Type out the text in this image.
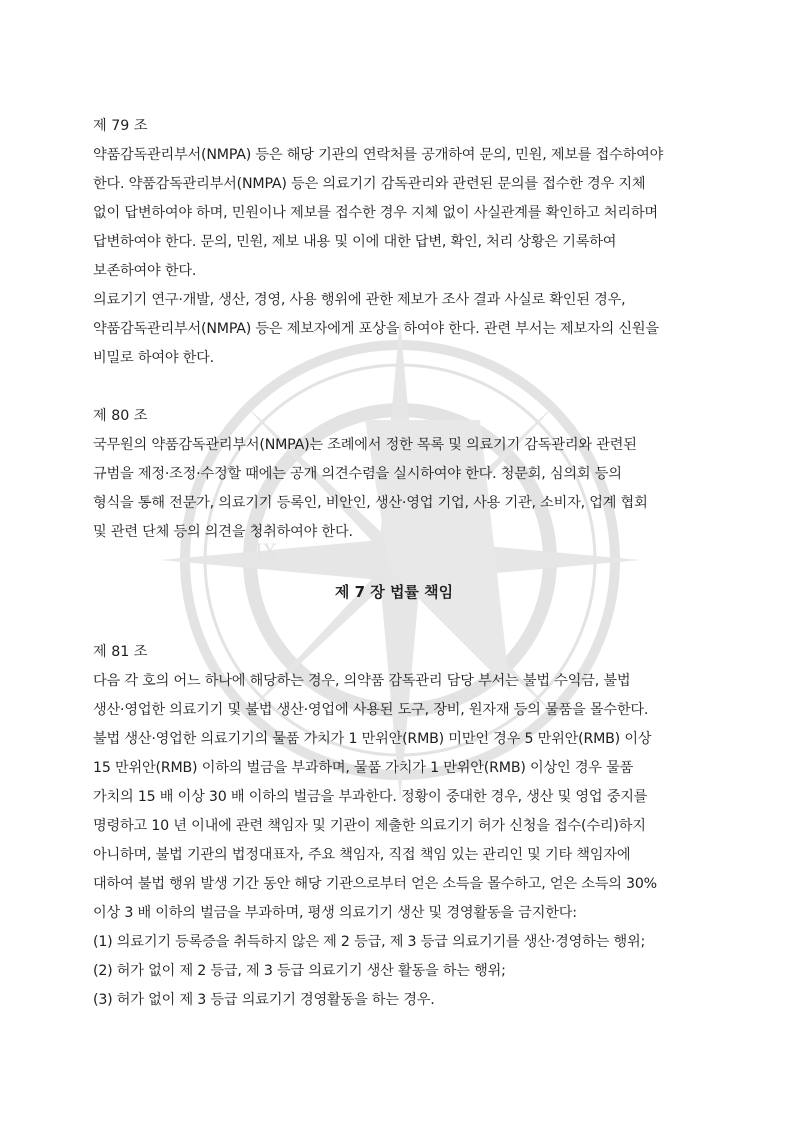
IX
제 79 조
약품감독관리부서(NMPA) 등은 해당 기관의 연락처를 공개하여 문의, 민원, 제보를 접수하여야
한다. 약품감독관리부서(NMPA) 등은 의료기기 감독관리와 관련된 문의를 접수한 경우 지체
없이 답변하여야 하며, 민원이나 제보를 접수한 경우 지체 없이 사실관계를 확인하고 처리하며
답변하여야 한다. 문의, 민원, 제보 내용 및 이에 대한 답변, 확인, 처리 상황은 기록하여
보존하여야 한다.
의료기기 연구·개발, 생산, 경영, 사용 행위에 관한 제보가 조사 결과 사실로 확인된 경우,
약품감독관리부서(NMPA) 등은 제보자에게 포상을 하여야 한다. 관련 부서는 제보자의 신원을
비밀로 하여야 한다.
제 80 조
국무원의 약품감독관리부서(NMPA)는 조례에서 정한 목록 및 의료기기 감독관리와 관련된
규범을 제정·조정·수정할 때에는 공개 의견수렴을 실시하여야 한다. 청문회, 심의회 등의
형식을 통해 전문가, 의료기기 등록인, 비안인, 생산·영업 기업, 사용 기관, 소비자, 업계 협회
및 관련 단체 등의 의견을 청취하여야 한다.
제 7 장 법률 책임
제 81 조
다음 각 호의 어느 하나에 해당하는 경우, 의약품 감독관리 담당 부서는 불법 수익금, 불법
생산·영업한 의료기기 및 불법 생산·영업에 사용된 도구, 장비, 원자재 등의 물품을 몰수한다.
불법 생산·영업한 의료기기의 물품 가치가 1 만위안(RMB) 미만인 경우 5 만위안(RMB) 이상
15 만위안(RMB) 이하의 벌금을 부과하며, 물품 가치가 1 만위안(RMB) 이상인 경우 물품
가치의 15 배 이상 30 배 이하의 벌금을 부과한다. 정황이 중대한 경우, 생산 및 영업 중지를
명령하고 10 년 이내에 관련 책임자 및 기관이 제출한 의료기기 허가 신청을 접수(수리)하지
아니하며, 불법 기관의 법정대표자, 주요 책임자, 직접 책임 있는 관리인 및 기타 책임자에
대하여 불법 행위 발생 기간 동안 해당 기관으로부터 얻은 소득을 몰수하고, 얻은 소득의 30%
이상 3 배 이하의 벌금을 부과하며, 평생 의료기기 생산 및 경영활동을 금지한다:
(1) 의료기기 등록증을 취득하지 않은 제 2 등급, 제 3 등급 의료기기를 생산·경영하는 행위;
(2) 허가 없이 제 2 등급, 제 3 등급 의료기기 생산 활동을 하는 행위;
(3) 허가 없이 제 3 등급 의료기기 경영활동을 하는 경우.
